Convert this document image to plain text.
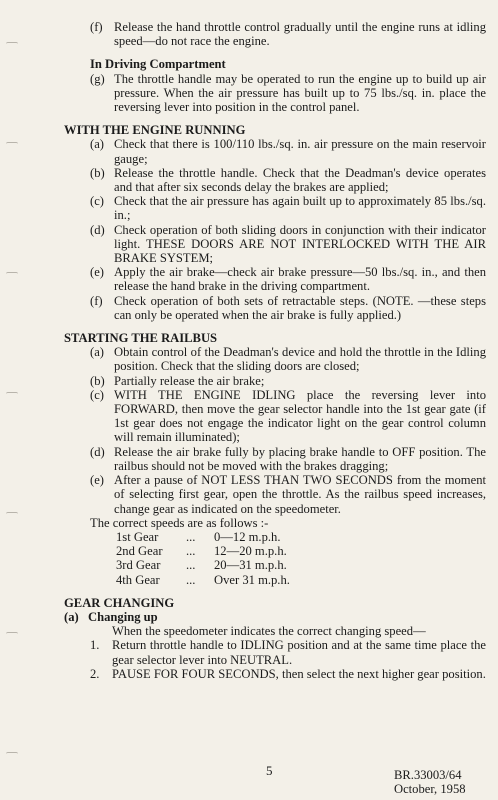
(f) Release the hand throttle control gradually until the engine runs at idling speed—do not race the engine.
In Driving Compartment
(g) The throttle handle may be operated to run the engine up to build up air pressure. When the air pressure has built up to 75 lbs./sq. in. place the reversing lever into position in the control panel.
WITH THE ENGINE RUNNING
(a) Check that there is 100/110 lbs./sq. in. air pressure on the main reservoir gauge;
(b) Release the throttle handle. Check that the Deadman's device operates and that after six seconds delay the brakes are applied;
(c) Check that the air pressure has again built up to approximately 85 lbs./sq. in.;
(d) Check operation of both sliding doors in conjunction with their indicator light. THESE DOORS ARE NOT INTERLOCKED WITH THE AIR BRAKE SYSTEM;
(e) Apply the air brake—check air brake pressure—50 lbs./sq. in., and then release the hand brake in the driving compartment.
(f) Check operation of both sets of retractable steps. (NOTE. —these steps can only be operated when the air brake is fully applied.)
STARTING THE RAILBUS
(a) Obtain control of the Deadman's device and hold the throttle in the Idling position. Check that the sliding doors are closed;
(b) Partially release the air brake;
(c) WITH THE ENGINE IDLING place the reversing lever into FORWARD, then move the gear selector handle into the 1st gear gate (if 1st gear does not engage the indicator light on the gear control column will remain illuminated);
(d) Release the air brake fully by placing brake handle to OFF position. The railbus should not be moved with the brakes dragging;
(e) After a pause of NOT LESS THAN TWO SECONDS from the moment of selecting first gear, open the throttle. As the railbus speed increases, change gear as indicated on the speedometer.
The correct speeds are as follows :-
1st Gear	...	0—12 m.p.h.
2nd Gear	...	12—20 m.p.h.
3rd Gear	...	20—31 m.p.h.
4th Gear	...	Over 31 m.p.h.
GEAR CHANGING
(a) Changing up
When the speedometer indicates the correct changing speed—
1. Return throttle handle to IDLING position and at the same time place the gear selector lever into NEUTRAL.
2. PAUSE FOR FOUR SECONDS, then select the next higher gear position.
5	BR.33003/64
October, 1958
